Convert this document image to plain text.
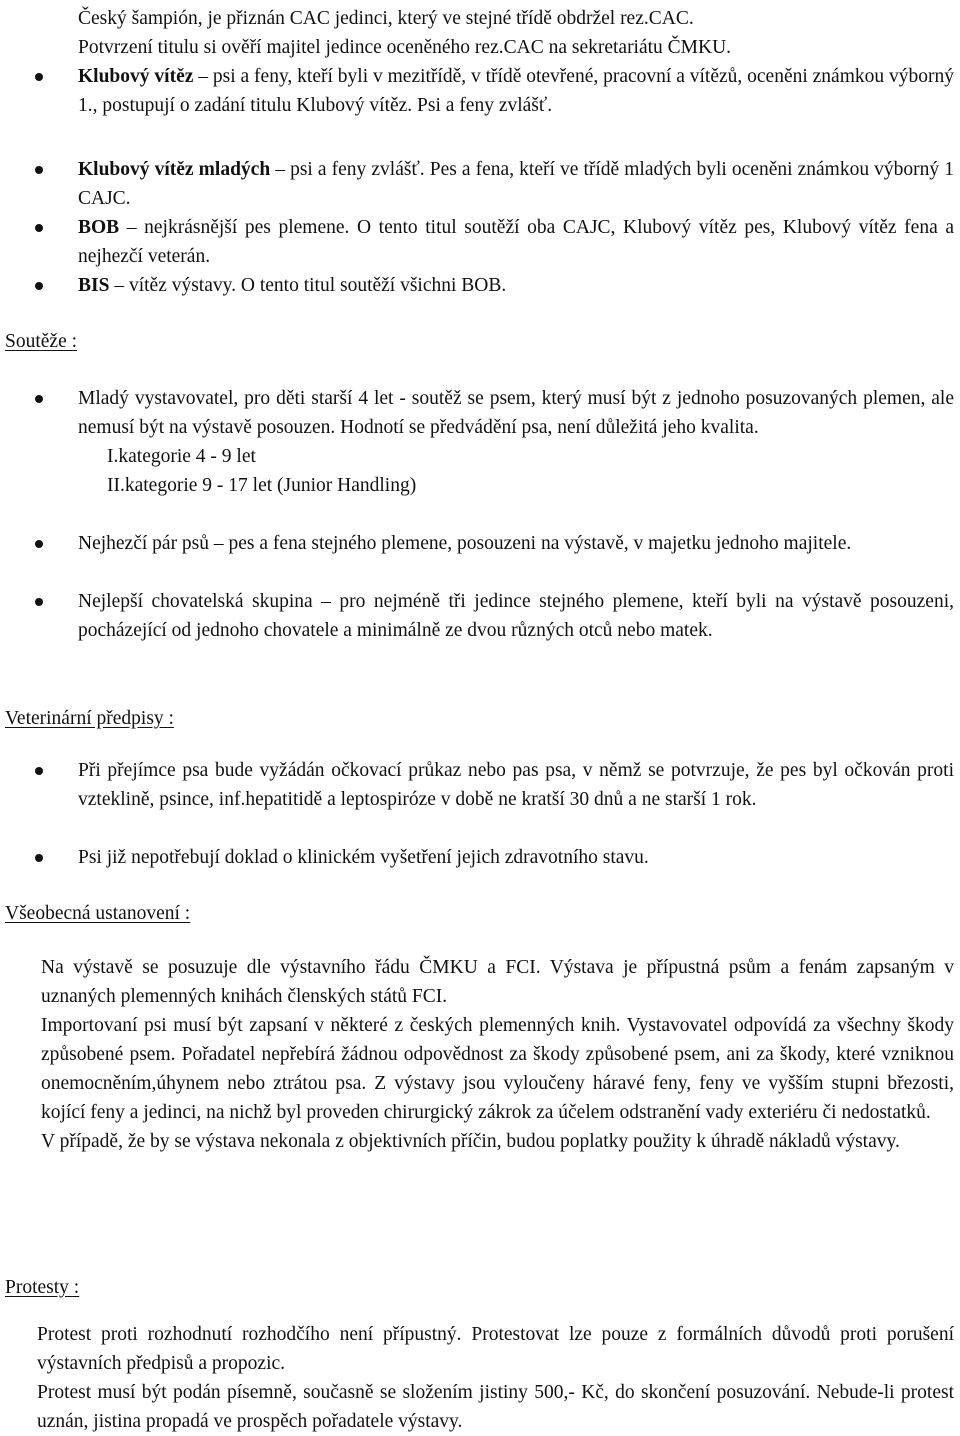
Český šampión, je přiznán CAC jedinci, který ve stejné třídě obdržel rez.CAC.
Potvrzení titulu si ověří majitel jedince oceněného rez.CAC na sekretariátu ČMKU.
Klubový vítěz – psi a feny, kteří byli v mezitřídě, v třídě otevřené, pracovní a vítězů, oceněni známkou výborný 1., postupují o zadání titulu Klubový vítěz. Psi a feny zvlášť.
Klubový vítěz mladých – psi a feny zvlášť. Pes a fena, kteří ve třídě mladých byli oceněni známkou výborný 1 CAJC.
BOB – nejkrásnější pes plemene. O tento titul soutěží oba CAJC, Klubový vítěz pes, Klubový vítěz fena a nejhezčí veterán.
BIS – vítěz výstavy. O tento titul soutěží všichni BOB.
Soutěže :
Mladý vystavovatel, pro děti starší 4 let - soutěž se psem, který musí být z jednoho posuzovaných plemen, ale nemusí být na výstavě posouzen. Hodnotí se předvádění psa, není důležitá jeho kvalita.
I.kategorie 4 - 9 let
II.kategorie 9 - 17 let (Junior Handling)
Nejhezčí pár psů – pes a fena stejného plemene, posouzeni na výstavě, v majetku jednoho majitele.
Nejlepší chovatelská skupina – pro nejméně tři jedince stejného plemene, kteří byli na výstavě posouzeni, pocházející od jednoho chovatele a minimálně ze dvou různých otců nebo matek.
Veterinární předpisy :
Při přejímce psa bude vyžádán očkovací průkaz nebo pas psa, v němž se potvrzuje, že pes byl očkován proti vzteklině, psince, inf.hepatitidě a leptospiróze v době ne kratší 30 dnů a ne starší 1 rok.
Psi již nepotřebují doklad o klinickém vyšetření jejich zdravotního stavu.
Všeobecná ustanovení :
Na výstavě se posuzuje dle výstavního řádu ČMKU a FCI. Výstava je přípustná psům a fenám zapsaným v uznaných plemenných knihách členských států FCI.
Importovaní psi musí být zapsaní v některé z českých plemenných knih. Vystavovatel odpovídá za všechny škody způsobené psem. Pořadatel nepřebírá žádnou odpovědnost za škody způsobené psem, ani za škody, které vzniknou onemocněním,úhynem nebo ztrátou psa. Z výstavy jsou vyloučeny háravé feny, feny ve vyšším stupni březosti, kojící feny a jedinci, na nichž byl proveden chirurgický zákrok za účelem odstranění vady exteriéru či nedostatků.
V případě, že by se výstava nekonala z objektivních příčin, budou poplatky použity k úhradě nákladů výstavy.
Protesty :
Protest proti rozhodnutí rozhodčího není přípustný. Protestovat lze pouze z formálních důvodů proti porušení výstavních předpisů a propozic.
Protest musí být podán písemně, současně se složením jistiny 500,- Kč, do skončení posuzování. Nebude-li protest uznán, jistina propadá ve prospěch pořadatele výstavy.
